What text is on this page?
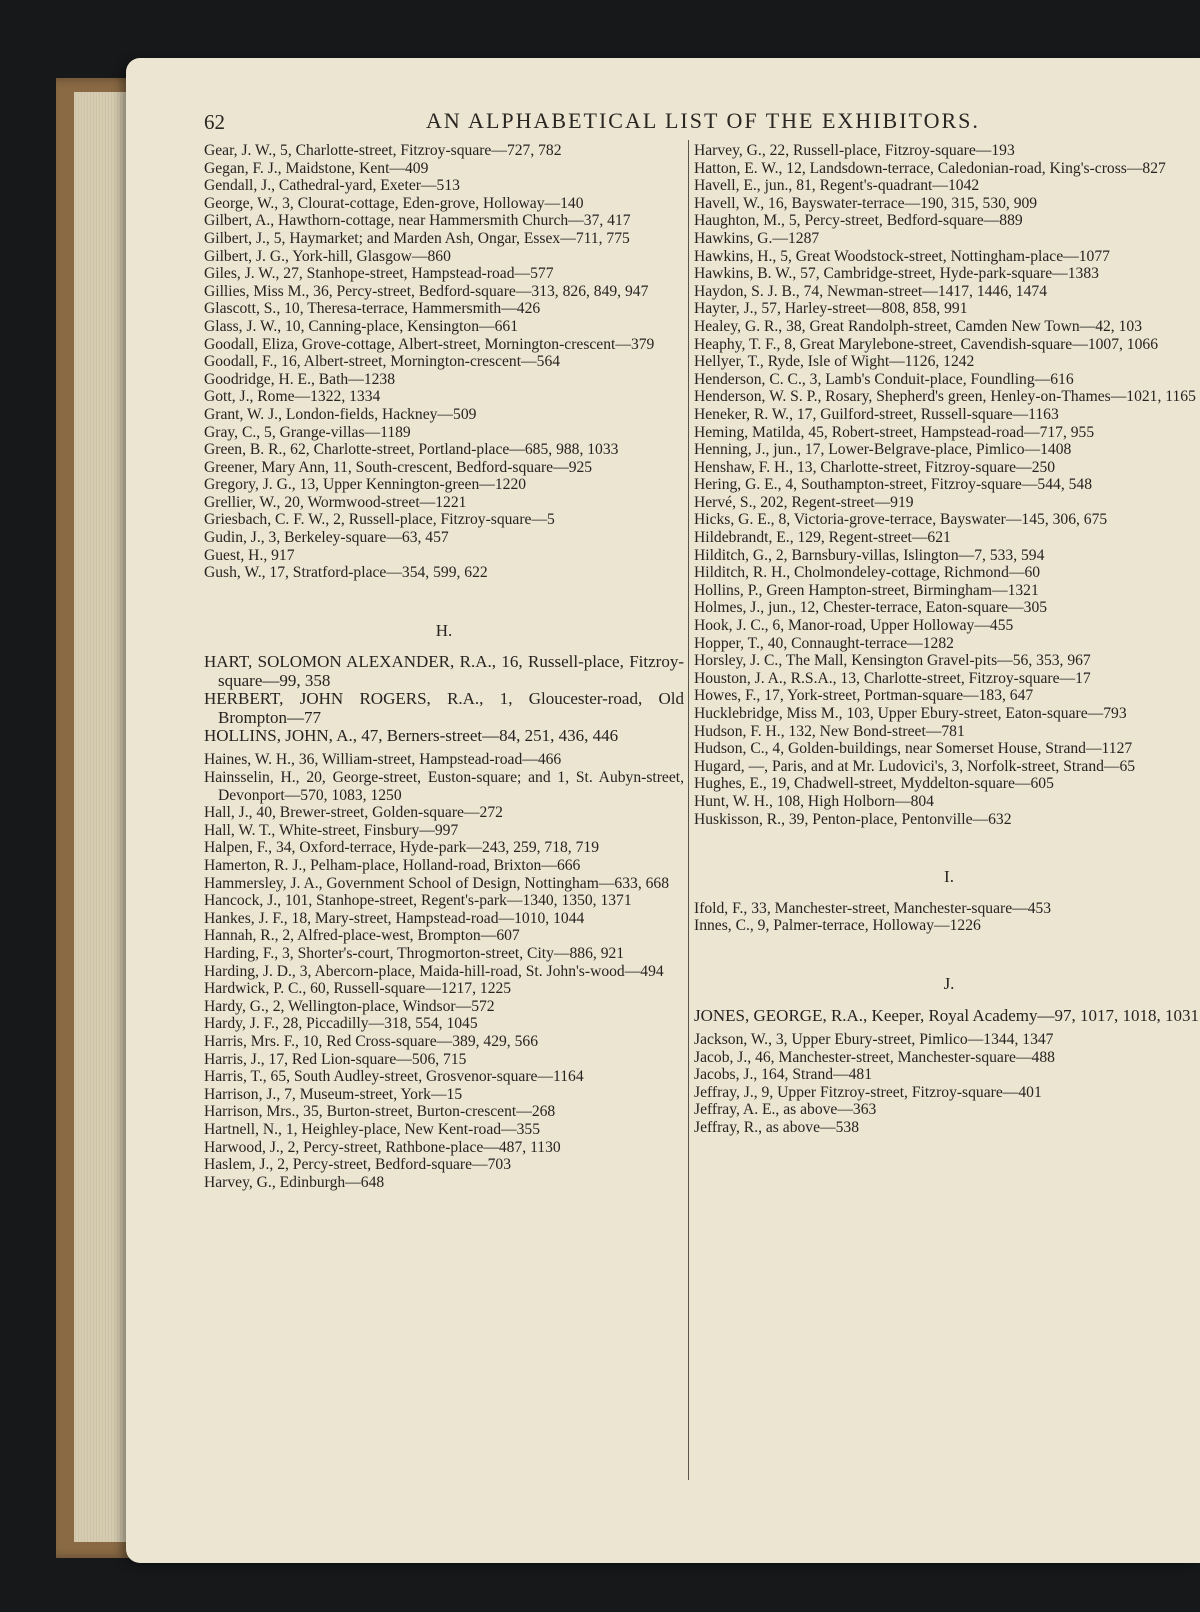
62	AN ALPHABETICAL LIST OF THE EXHIBITORS.

Gear, J. W., 5, Charlotte-street, Fitzroy-square—727, 782

Gegan, F. J., Maidstone, Kent—409

Gendall, J., Cathedral-yard, Exeter—513

George, W., 3, Clourat-cottage, Eden-grove, Holloway—140

Gilbert, A., Hawthorn-cottage, near Hammersmith Church—37, 417

Gilbert, J., 5, Haymarket; and Marden Ash, Ongar, Essex—711, 775

Gilbert, J. G., York-hill, Glasgow—860

Giles, J. W., 27, Stanhope-street, Hampstead-road—577

Gillies, Miss M., 36, Percy-street, Bedford-square—313, 826, 849, 947

Glascott, S., 10, Theresa-terrace, Hammersmith—426

Glass, J. W., 10, Canning-place, Kensington—661

Goodall, Eliza, Grove-cottage, Albert-street, Mornington-crescent—379

Goodall, F., 16, Albert-street, Mornington-crescent—564

Goodridge, H. E., Bath—1238

Gott, J., Rome—1322, 1334

Grant, W. J., London-fields, Hackney—509

Gray, C., 5, Grange-villas—1189

Green, B. R., 62, Charlotte-street, Portland-place—685, 988, 1033

Greener, Mary Ann, 11, South-crescent, Bedford-square—925

Gregory, J. G., 13, Upper Kennington-green—1220

Grellier, W., 20, Wormwood-street—1221

Griesbach, C. F. W., 2, Russell-place, Fitzroy-square—5

Gudin, J., 3, Berkeley-square—63, 457

Guest, H., 917

Gush, W., 17, Stratford-place—354, 599, 622

H.

HART, SOLOMON ALEXANDER, R.A., 16, Russell-place, Fitzroy-square—99, 358

HERBERT, JOHN ROGERS, R.A., 1, Gloucester-road, Old Brompton—77

HOLLINS, JOHN, A., 47, Berners-street—84, 251, 436, 446

Haines, W. H., 36, William-street, Hampstead-road—466

Hainsselin, H., 20, George-street, Euston-square; and 1, St. Aubyn-street, Devonport—570, 1083, 1250

Hall, J., 40, Brewer-street, Golden-square—272

Hall, W. T., White-street, Finsbury—997

Halpen, F., 34, Oxford-terrace, Hyde-park—243, 259, 718, 719

Hamerton, R. J., Pelham-place, Holland-road, Brixton—666

Hammersley, J. A., Government School of Design, Nottingham—633, 668

Hancock, J., 101, Stanhope-street, Regent's-park—1340, 1350, 1371

Hankes, J. F., 18, Mary-street, Hampstead-road—1010, 1044

Hannah, R., 2, Alfred-place-west, Brompton—607

Harding, F., 3, Shorter's-court, Throgmorton-street, City—886, 921

Harding, J. D., 3, Abercorn-place, Maida-hill-road, St. John's-wood—494

Hardwick, P. C., 60, Russell-square—1217, 1225

Hardy, G., 2, Wellington-place, Windsor—572

Hardy, J. F., 28, Piccadilly—318, 554, 1045

Harris, Mrs. F., 10, Red Cross-square—389, 429, 566

Harris, J., 17, Red Lion-square—506, 715

Harris, T., 65, South Audley-street, Grosvenor-square—1164

Harrison, J., 7, Museum-street, York—15

Harrison, Mrs., 35, Burton-street, Burton-crescent—268

Hartnell, N., 1, Heighley-place, New Kent-road—355

Harwood, J., 2, Percy-street, Rathbone-place—487, 1130

Haslem, J., 2, Percy-street, Bedford-square—703

Harvey, G., Edinburgh—648

Harvey, G., 22, Russell-place, Fitzroy-square—193

Hatton, E. W., 12, Landsdown-terrace, Caledonian-road, King's-cross—827

Havell, E., jun., 81, Regent's-quadrant—1042

Havell, W., 16, Bayswater-terrace—190, 315, 530, 909

Haughton, M., 5, Percy-street, Bedford-square—889

Hawkins, G.—1287

Hawkins, H., 5, Great Woodstock-street, Nottingham-place—1077

Hawkins, B. W., 57, Cambridge-street, Hyde-park-square—1383

Haydon, S. J. B., 74, Newman-street—1417, 1446, 1474

Hayter, J., 57, Harley-street—808, 858, 991

Healey, G. R., 38, Great Randolph-street, Camden New Town—42, 103

Heaphy, T. F., 8, Great Marylebone-street, Cavendish-square—1007, 1066

Hellyer, T., Ryde, Isle of Wight—1126, 1242

Henderson, C. C., 3, Lamb's Conduit-place, Foundling—616

Henderson, W. S. P., Rosary, Shepherd's green, Henley-on-Thames—1021, 1165

Heneker, R. W., 17, Guilford-street, Russell-square—1163

Heming, Matilda, 45, Robert-street, Hampstead-road—717, 955

Henning, J., jun., 17, Lower-Belgrave-place, Pimlico—1408

Henshaw, F. H., 13, Charlotte-street, Fitzroy-square—250

Hering, G. E., 4, Southampton-street, Fitzroy-square—544, 548

Hervé, S., 202, Regent-street—919

Hicks, G. E., 8, Victoria-grove-terrace, Bayswater—145, 306, 675

Hildebrandt, E., 129, Regent-street—621

Hilditch, G., 2, Barnsbury-villas, Islington—7, 533, 594

Hilditch, R. H., Cholmondeley-cottage, Richmond—60

Hollins, P., Green Hampton-street, Birmingham—1321

Holmes, J., jun., 12, Chester-terrace, Eaton-square—305

Hook, J. C., 6, Manor-road, Upper Holloway—455

Hopper, T., 40, Connaught-terrace—1282

Horsley, J. C., The Mall, Kensington Gravel-pits—56, 353, 967

Houston, J. A., R.S.A., 13, Charlotte-street, Fitzroy-square—17

Howes, F., 17, York-street, Portman-square—183, 647

Hucklebridge, Miss M., 103, Upper Ebury-street, Eaton-square—793

Hudson, F. H., 132, New Bond-street—781

Hudson, C., 4, Golden-buildings, near Somerset House, Strand—1127

Hugard, —, Paris, and at Mr. Ludovici's, 3, Norfolk-street, Strand—65

Hughes, E., 19, Chadwell-street, Myddelton-square—605

Hunt, W. H., 108, High Holborn—804

Huskisson, R., 39, Penton-place, Pentonville—632

I.

Ifold, F., 33, Manchester-street, Manchester-square—453

Innes, C., 9, Palmer-terrace, Holloway—1226

J.

JONES, GEORGE, R.A., Keeper, Royal Academy—97, 1017, 1018, 1031

Jackson, W., 3, Upper Ebury-street, Pimlico—1344, 1347

Jacob, J., 46, Manchester-street, Manchester-square—488

Jacobs, J., 164, Strand—481

Jeffray, J., 9, Upper Fitzroy-street, Fitzroy-square—401

Jeffray, A. E., as above—363

Jeffray, R., as above—538
